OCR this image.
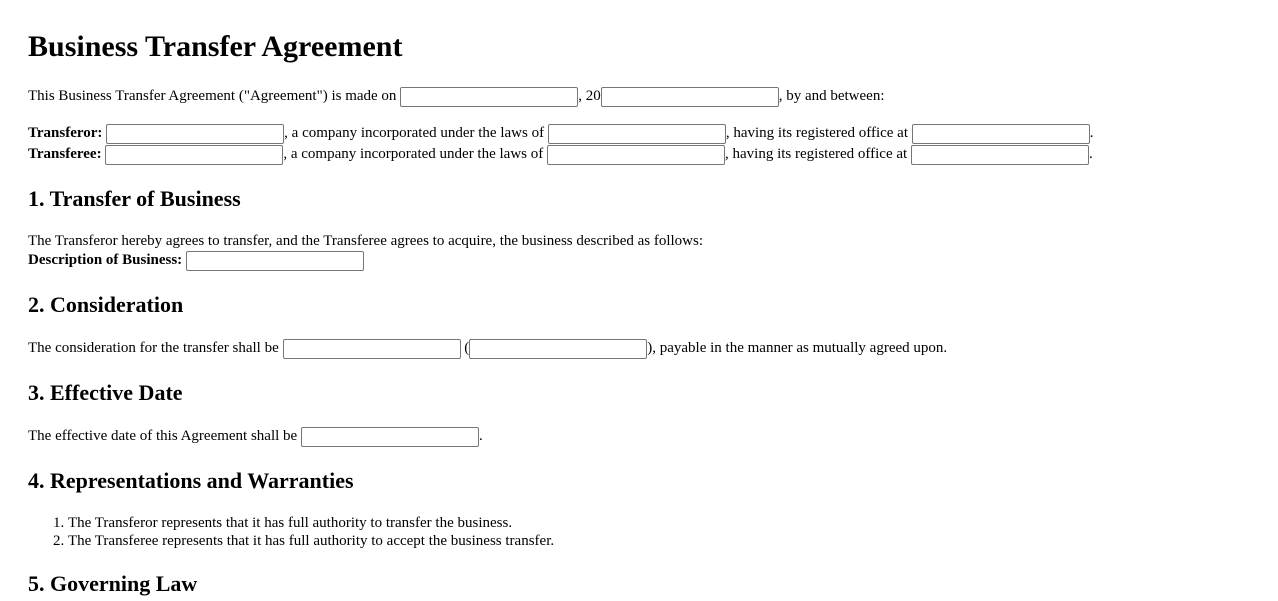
Business Transfer Agreement
This Business Transfer Agreement ("Agreement") is made on	, 20	, by and between:
Transferor:	, a company incorporated under the laws of	, having its registered office at	.
Transferee:	, a company incorporated under the laws of	, having its registered office at	.
1. Transfer of Business
The Transferor hereby agrees to transfer, and the Transferee agrees to acquire, the business described as follows:
Description of Business:
2. Consideration
The consideration for the transfer shall be	(	), payable in the manner as mutually agreed upon.
3. Effective Date
The effective date of this Agreement shall be	.
4. Representations and Warranties
1. The Transferor represents that it has full authority to transfer the business.
2. The Transferee represents that it has full authority to accept the business transfer.
5. Governing Law
